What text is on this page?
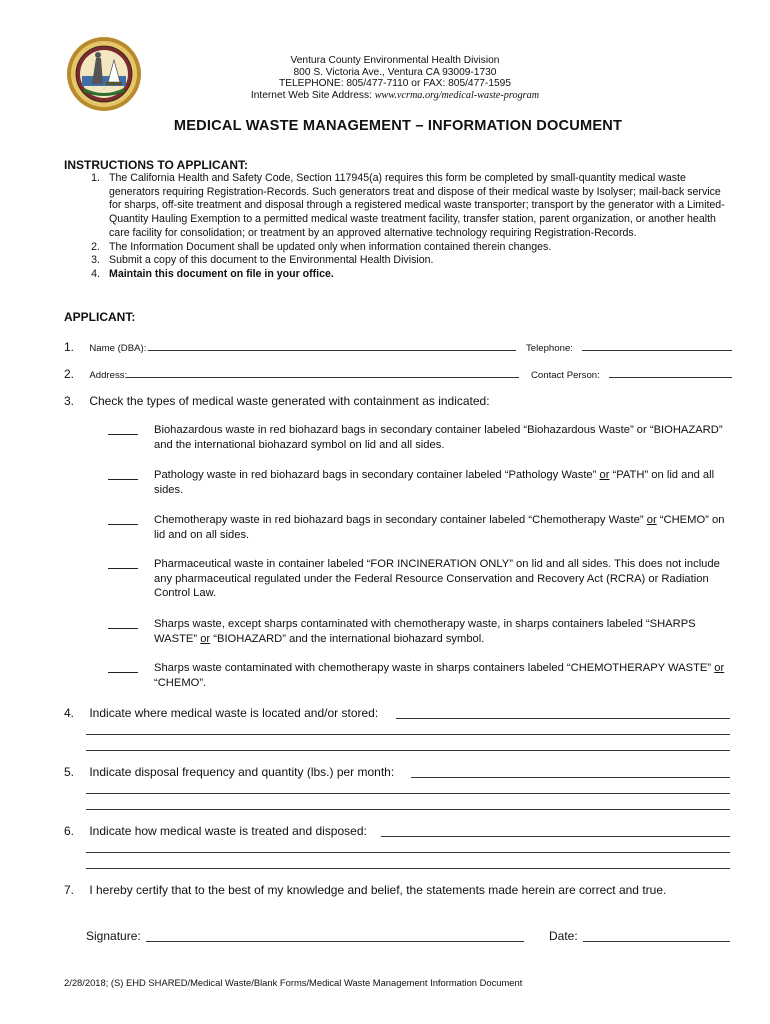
Ventura County Environmental Health Division
800 S. Victoria Ave., Ventura CA 93009-1730
TELEPHONE: 805/477-7110 or FAX: 805/477-1595
Internet Web Site Address: www.vcrma.org/medical-waste-program
MEDICAL WASTE MANAGEMENT – INFORMATION DOCUMENT
INSTRUCTIONS TO APPLICANT:
1. The California Health and Safety Code, Section 117945(a) requires this form be completed by small-quantity medical waste generators requiring Registration-Records. Such generators treat and dispose of their medical waste by Isolyser; mail-back service for sharps, off-site treatment and disposal through a registered medical waste transporter; transport by the generator with a Limited-Quantity Hauling Exemption to a permitted medical waste treatment facility, transfer station, parent organization, or another health care facility for consolidation; or treatment by an approved alternative technology requiring Registration-Records.
2. The Information Document shall be updated only when information contained therein changes.
3. Submit a copy of this document to the Environmental Health Division.
4. Maintain this document on file in your office.
APPLICANT:
1. Name (DBA):	Telephone:
2. Address:	Contact Person:
3. Check the types of medical waste generated with containment as indicated:
Biohazardous waste in red biohazard bags in secondary container labeled “Biohazardous Waste” or “BIOHAZARD” and the international biohazard symbol on lid and all sides.
Pathology waste in red biohazard bags in secondary container labeled “Pathology Waste” or “PATH” on lid and all sides.
Chemotherapy waste in red biohazard bags in secondary container labeled “Chemotherapy Waste” or “CHEMO” on lid and on all sides.
Pharmaceutical waste in container labeled “FOR INCINERATION ONLY” on lid and all sides. This does not include any pharmaceutical regulated under the Federal Resource Conservation and Recovery Act (RCRA) or Radiation Control Law.
Sharps waste, except sharps contaminated with chemotherapy waste, in sharps containers labeled “SHARPS WASTE” or “BIOHAZARD” and the international biohazard symbol.
Sharps waste contaminated with chemotherapy waste in sharps containers labeled “CHEMOTHERAPY WASTE” or “CHEMO”.
4. Indicate where medical waste is located and/or stored:
5. Indicate disposal frequency and quantity (lbs.) per month:
6. Indicate how medical waste is treated and disposed:
7. I hereby certify that to the best of my knowledge and belief, the statements made herein are correct and true.
Signature:	Date:
2/28/2018; (S) EHD SHARED/Medical Waste/Blank Forms/Medical Waste Management Information Document
